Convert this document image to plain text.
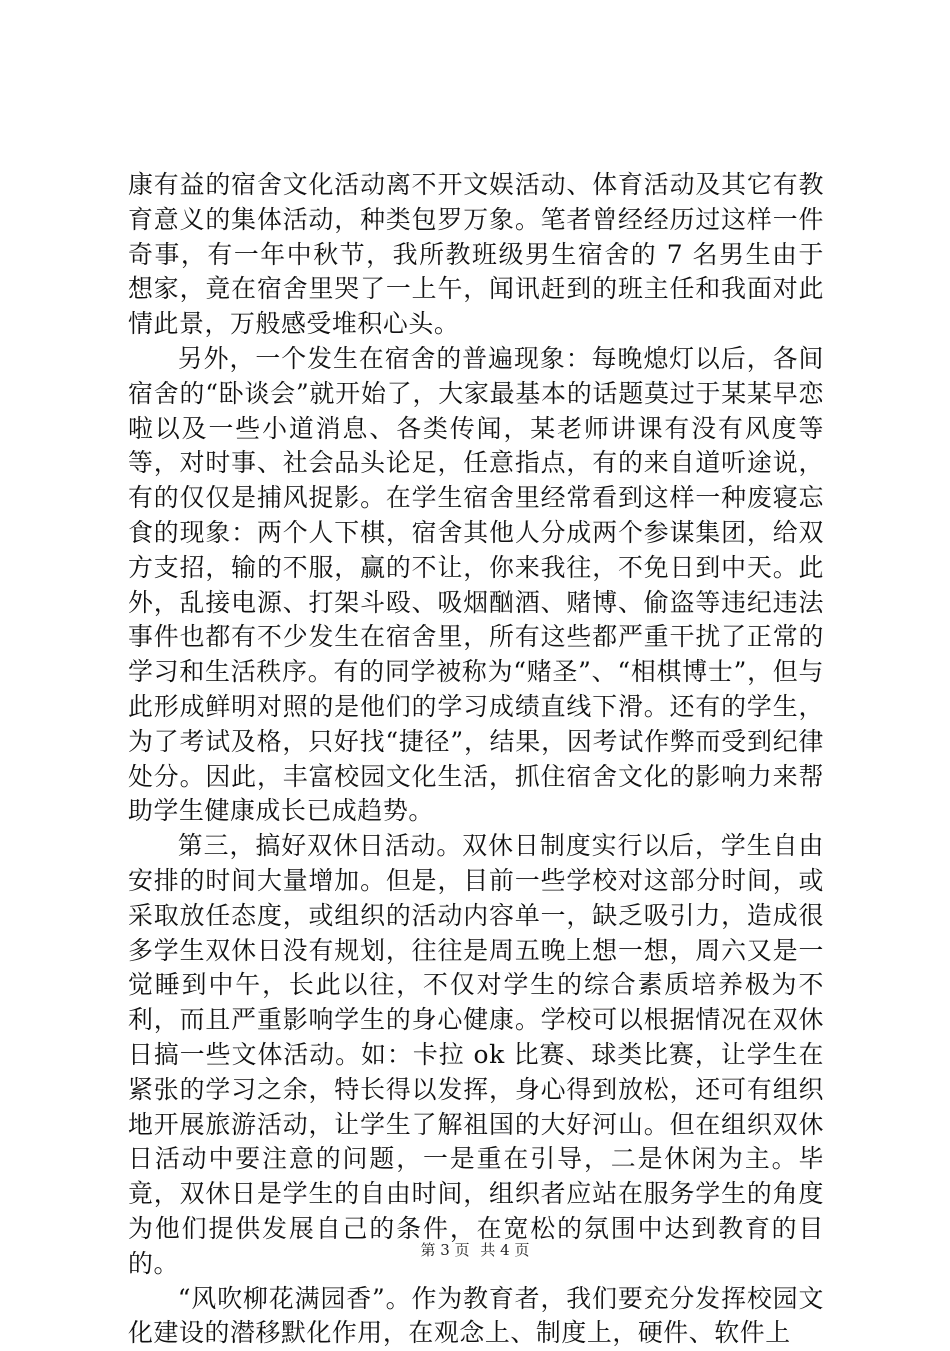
康有益的宿舍文化活动离不开文娱活动、体育活动及其它有教育意义的集体活动，种类包罗万象。笔者曾经经历过这样一件奇事，有一年中秋节，我所教班级男生宿舍的 7 名男生由于想家，竟在宿舍里哭了一上午，闻讯赶到的班主任和我面对此情此景，万般感受堆积心头。

另外，一个发生在宿舍的普遍现象：每晚熄灯以后，各间宿舍的“卧谈会”就开始了，大家最基本的话题莫过于某某早恋啦以及一些小道消息、各类传闻，某老师讲课有没有风度等等，对时事、社会品头论足，任意指点，有的来自道听途说，有的仅仅是捕风捉影。在学生宿舍里经常看到这样一种废寝忘食的现象：两个人下棋，宿舍其他人分成两个参谋集团，给双方支招，输的不服，赢的不让，你来我往，不免日到中天。此外，乱接电源、打架斗殴、吸烟酗酒、赌博、偷盗等违纪违法事件也都有不少发生在宿舍里，所有这些都严重干扰了正常的学习和生活秩序。有的同学被称为“赌圣”、“相棋博士”，但与此形成鲜明对照的是他们的学习成绩直线下滑。还有的学生，为了考试及格，只好找“捷径”，结果，因考试作弊而受到纪律处分。因此，丰富校园文化生活，抓住宿舍文化的影响力来帮助学生健康成长已成趋势。

第三，搞好双休日活动。双休日制度实行以后，学生自由安排的时间大量增加。但是，目前一些学校对这部分时间，或采取放任态度，或组织的活动内容单一，缺乏吸引力，造成很多学生双休日没有规划，往往是周五晚上想一想，周六又是一觉睡到中午，长此以往，不仅对学生的综合素质培养极为不利，而且严重影响学生的身心健康。学校可以根据情况在双休日搞一些文体活动。如：卡拉 ok 比赛、球类比赛，让学生在紧张的学习之余，特长得以发挥，身心得到放松，还可有组织地开展旅游活动，让学生了解祖国的大好河山。但在组织双休日活动中要注意的问题，一是重在引导，二是休闲为主。毕竟，双休日是学生的自由时间，组织者应站在服务学生的角度为他们提供发展自己的条件，在宽松的氛围中达到教育的目的。

“风吹柳花满园香”。作为教育者，我们要充分发挥校园文化建设的潜移默化作用，在观念上、制度上，硬件、软件上

第 3 页 共 4 页
